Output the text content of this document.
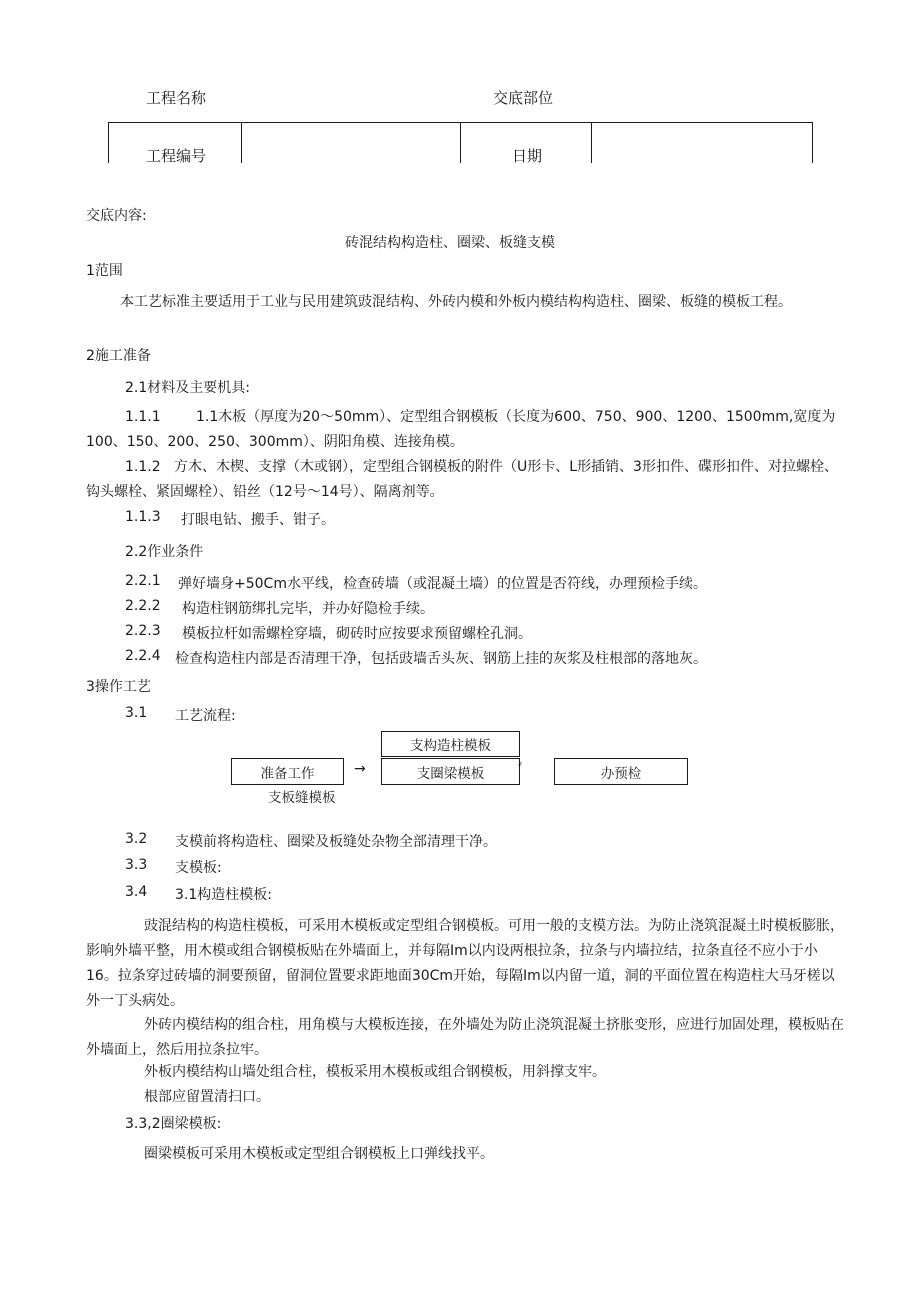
工程名称	交底部位
工程编号	日期
交底内容:
砖混结构构造柱、圈梁、板缝支模
1范围
本工艺标准主要适用于工业与民用建筑豉混结构、外砖内模和外板内模结构构造柱、圈梁、板缝的模板工程。
2施工准备
2.1材料及主要机具:
1.1.1	1.1木板（厚度为20～50mm）、定型组合钢模板（长度为600、750、900、1200、1500mm,宽度为100、150、200、250、300mm）、阴阳角模、连接角模。
1.1.2 方木、木楔、支撑（木或钢），定型组合钢模板的附件（U形卡、L形插销、3形扣件、碟形扣件、对拉螺栓、钩头螺栓、紧固螺栓）、铅丝（12号～14号）、隔离剂等。
1.1.3 打眼电钻、搬手、钳子。
2.2作业条件
2.2.1 弹好墙身+50Cm水平线，检查砖墙（或混凝土墙）的位置是否符线，办理预检手续。
2.2.2 构造柱钢筋绑扎完毕，并办好隐检手续。
2.2.3 模板拉杆如需螺栓穿墙，砌砖时应按要求预留螺栓孔洞。
2.2.4 检查构造柱内部是否清理干净，包括豉墙舌头灰、钢筋上挂的灰浆及柱根部的落地灰。
3操作工艺
3.1 工艺流程:
支构造柱模板
准备工作	→	支圈梁模板	f	办预检
支板缝模板
3.2 支模前将构造柱、圈梁及板缝处杂物全部清理干净。
3.3 支模板:
3.4 3.1构造柱模板:
豉混结构的构造柱模板，可采用木模板或定型组合钢模板。可用一般的支模方法。为防止浇筑混凝土时模板膨胀，影响外墙平整，用木模或组合钢模板贴在外墙面上，并每隔Im以内设两根拉条，拉条与内墙拉结，拉条直径不应小于小16。拉条穿过砖墙的洞要预留，留洞位置要求距地面30Cm开始，每隔Im以内留一道，洞的平面位置在构造柱大马牙槎以外一丁头病处。
外砖内模结构的组合柱，用角模与大模板连接，在外墙处为防止浇筑混凝土挤胀变形，应进行加固处理，模板贴在外墙面上，然后用拉条拉牢。
外板内模结构山墙处组合柱，模板采用木模板或组合钢模板，用斜撑支牢。
根部应留置清扫口。
3.3,2圈梁模板:
圈梁模板可采用木模板或定型组合钢模板上口弹线找平。
